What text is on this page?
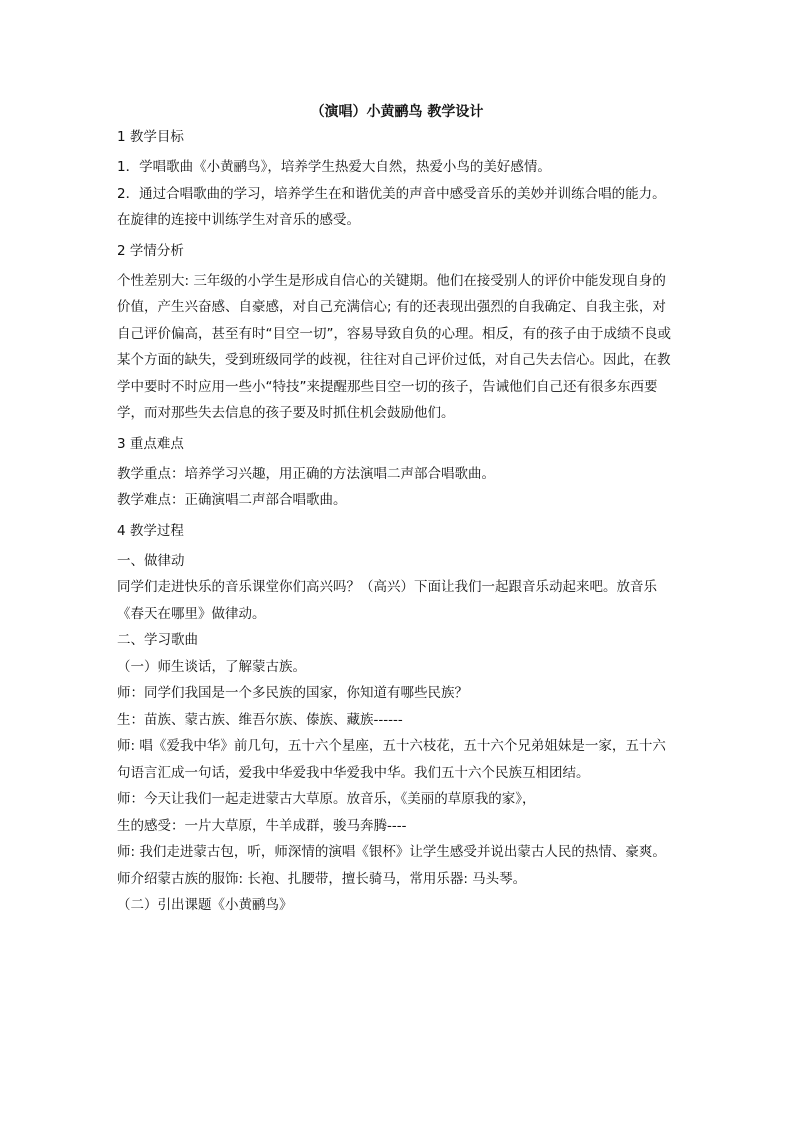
（演唱）小黄鹂鸟 教学设计
1 教学目标

1．学唱歌曲《小黄鹂鸟》，培养学生热爱大自然，热爱小鸟的美好感情。

2．通过合唱歌曲的学习，培养学生在和谐优美的声音中感受音乐的美妙并训练合唱的能力。在旋律的连接中训练学生对音乐的感受。

2 学情分析

个性差别大: 三年级的小学生是形成自信心的关键期。他们在接受别人的评价中能发现自身的价值，产生兴奋感、自豪感，对自己充满信心; 有的还表现出强烈的自我确定、自我主张，对自己评价偏高，甚至有时“目空一切”，容易导致自负的心理。相反，有的孩子由于成绩不良或某个方面的缺失，受到班级同学的歧视，往往对自己评价过低，对自己失去信心。因此，在教学中要时不时应用一些小“特技”来提醒那些目空一切的孩子，告诫他们自己还有很多东西要学，而对那些失去信息的孩子要及时抓住机会鼓励他们。

3 重点难点

教学重点：培养学习兴趣，用正确的方法演唱二声部合唱歌曲。

教学难点：正确演唱二声部合唱歌曲。

4 教学过程

一、做律动

同学们走进快乐的音乐课堂你们高兴吗？（高兴）下面让我们一起跟音乐动起来吧。放音乐《春天在哪里》做律动。

二、学习歌曲

（一）师生谈话，了解蒙古族。

师：同学们我国是一个多民族的国家，你知道有哪些民族？

生：苗族、蒙古族、维吾尔族、傣族、藏族------

师: 唱《爱我中华》前几句，五十六个星座，五十六枝花，五十六个兄弟姐妹是一家，五十六句语言汇成一句话，爱我中华爱我中华爱我中华。我们五十六个民族互相团结。

师：今天让我们一起走进蒙古大草原。放音乐，《美丽的草原我的家》，

生的感受：一片大草原，牛羊成群，骏马奔腾----

师: 我们走进蒙古包，听，师深情的演唱《银杯》让学生感受并说出蒙古人民的热情、豪爽。师介绍蒙古族的服饰: 长袍、扎腰带，擅长骑马，常用乐器: 马头琴。

（二）引出课题《小黄鹂鸟》
